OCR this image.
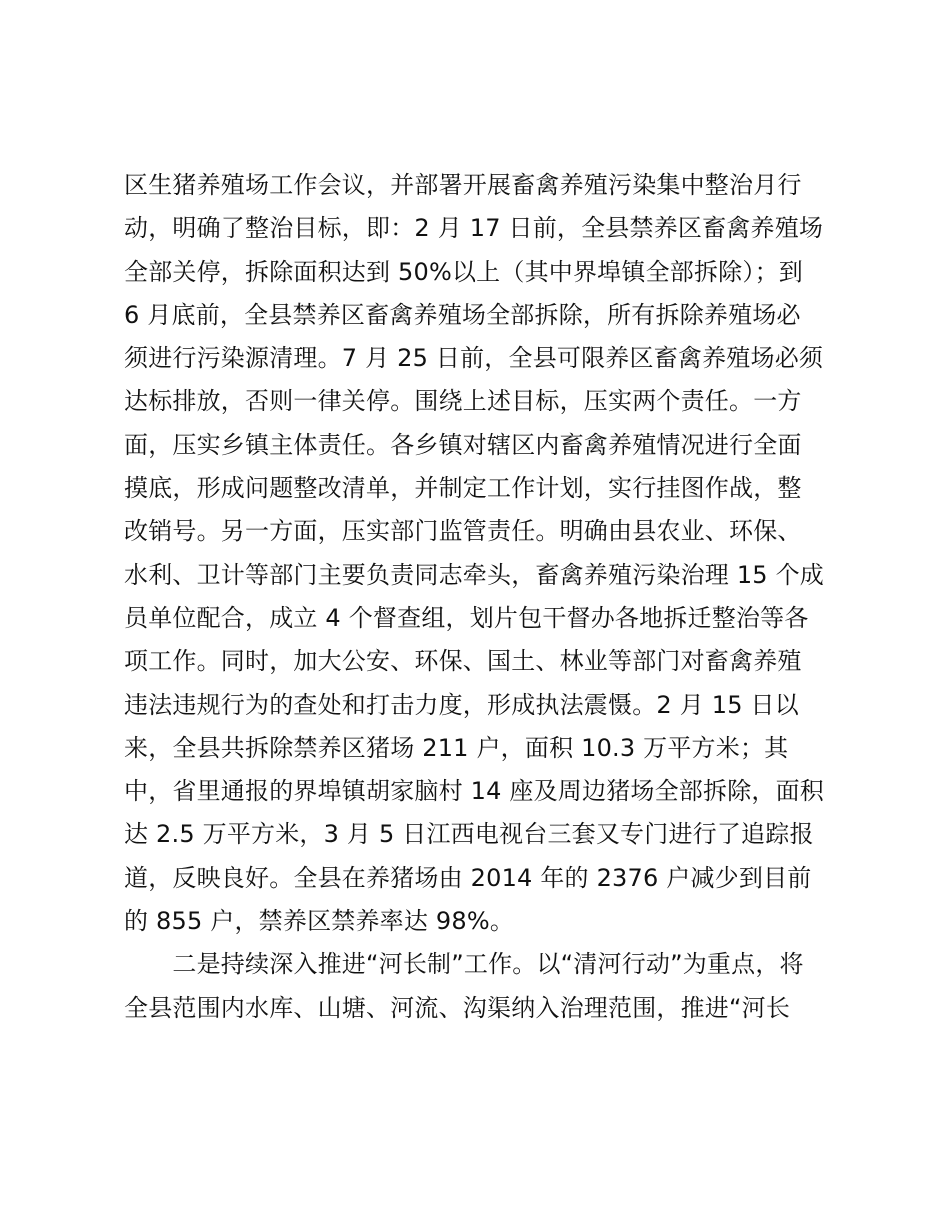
区生猪养殖场工作会议，并部署开展畜禽养殖污染集中整治月行
动，明确了整治目标，即：2 月 17 日前，全县禁养区畜禽养殖场
全部关停，拆除面积达到 50%以上（其中界埠镇全部拆除）；到
6 月底前，全县禁养区畜禽养殖场全部拆除，所有拆除养殖场必
须进行污染源清理。7 月 25 日前，全县可限养区畜禽养殖场必须
达标排放，否则一律关停。围绕上述目标，压实两个责任。一方
面，压实乡镇主体责任。各乡镇对辖区内畜禽养殖情况进行全面
摸底，形成问题整改清单，并制定工作计划，实行挂图作战，整
改销号。另一方面，压实部门监管责任。明确由县农业、环保、
水利、卫计等部门主要负责同志牵头，畜禽养殖污染治理 15 个成
员单位配合，成立 4 个督查组，划片包干督办各地拆迁整治等各
项工作。同时，加大公安、环保、国土、林业等部门对畜禽养殖
违法违规行为的查处和打击力度，形成执法震慑。2 月 15 日以
来，全县共拆除禁养区猪场 211 户，面积 10.3 万平方米；其
中，省里通报的界埠镇胡家脑村 14 座及周边猪场全部拆除，面积
达 2.5 万平方米，3 月 5 日江西电视台三套又专门进行了追踪报
道，反映良好。全县在养猪场由 2014 年的 2376 户减少到目前
的 855 户，禁养区禁养率达 98%。
　　二是持续深入推进“河长制”工作。以“清河行动”为重点，将
全县范围内水库、山塘、河流、沟渠纳入治理范围，推进“河长
